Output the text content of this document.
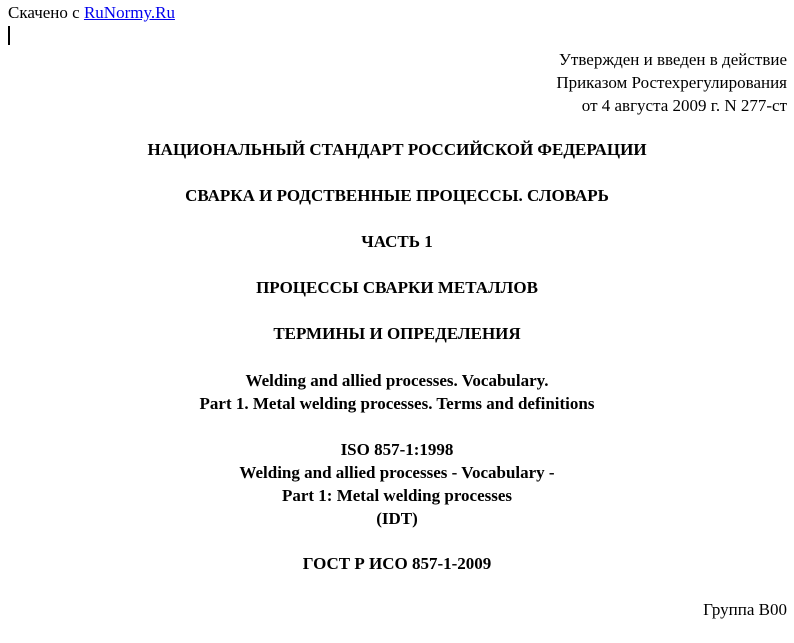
Скачено с RuNormy.Ru
Утвержден и введен в действие
Приказом Ростехрегулирования
от 4 августа 2009 г. N 277-ст
НАЦИОНАЛЬНЫЙ СТАНДАРТ РОССИЙСКОЙ ФЕДЕРАЦИИ
СВАРКА И РОДСТВЕННЫЕ ПРОЦЕССЫ. СЛОВАРЬ
ЧАСТЬ 1
ПРОЦЕССЫ СВАРКИ МЕТАЛЛОВ
ТЕРМИНЫ И ОПРЕДЕЛЕНИЯ
Welding and allied processes. Vocabulary.
Part 1. Metal welding processes. Terms and definitions
ISO 857-1:1998
Welding and allied processes - Vocabulary -
Part 1: Metal welding processes
(IDT)
ГОСТ Р ИСО 857-1-2009
Группа В00
